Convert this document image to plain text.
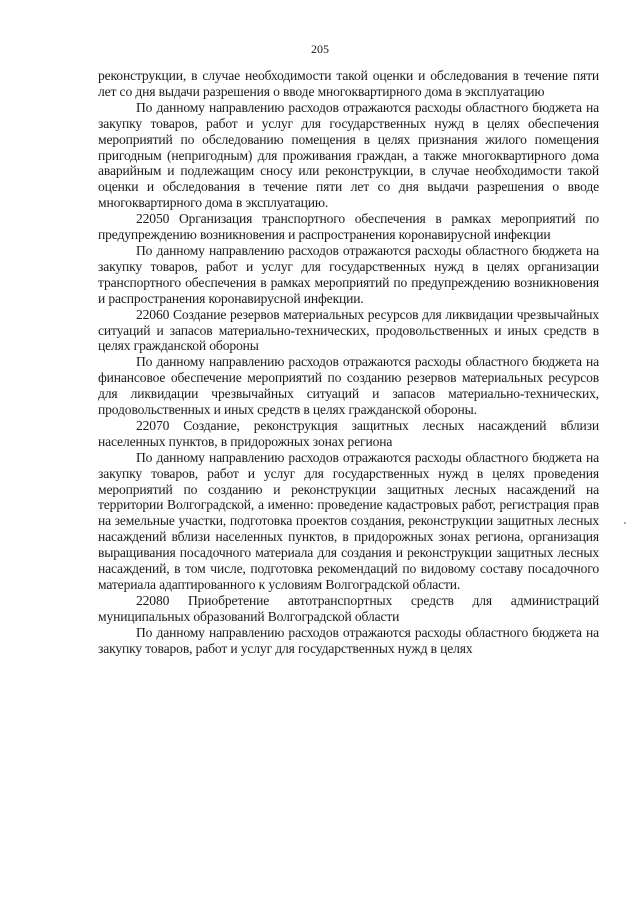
205

реконструкции, в случае необходимости такой оценки и обследования в течение пяти лет со дня выдачи разрешения о вводе многоквартирного дома в эксплуатацию

По данному направлению расходов отражаются расходы областного бюджета на закупку товаров, работ и услуг для государственных нужд в целях обеспечения мероприятий по обследованию помещения в целях признания жилого помещения пригодным (непригодным) для проживания граждан, а также многоквартирного дома аварийным и подлежащим сносу или реконструкции, в случае необходимости такой оценки и обследования в течение пяти лет со дня выдачи разрешения о вводе многоквартирного дома в эксплуатацию.

22050 Организация транспортного обеспечения в рамках мероприятий по предупреждению возникновения и распространения коронавирусной инфекции

По данному направлению расходов отражаются расходы областного бюджета на закупку товаров, работ и услуг для государственных нужд в целях организации транспортного обеспечения в рамках мероприятий по предупреждению возникновения и распространения коронавирусной инфекции.

22060 Создание резервов материальных ресурсов для ликвидации чрезвычайных ситуаций и запасов материально-технических, продовольственных и иных средств в целях гражданской обороны

По данному направлению расходов отражаются расходы областного бюджета на финансовое обеспечение мероприятий по созданию резервов материальных ресурсов для ликвидации чрезвычайных ситуаций и запасов материально-технических, продовольственных и иных средств в целях гражданской обороны.

22070 Создание, реконструкция защитных лесных насаждений вблизи населенных пунктов, в придорожных зонах региона

По данному направлению расходов отражаются расходы областного бюджета на закупку товаров, работ и услуг для государственных нужд в целях проведения мероприятий по созданию и реконструкции защитных лесных насаждений на территории Волгоградской, а именно: проведение кадастровых работ, регистрация прав на земельные участки, подготовка проектов создания, реконструкции защитных лесных насаждений вблизи населенных пунктов, в придорожных зонах региона, организация выращивания посадочного материала для создания и реконструкции защитных лесных насаждений, в том числе, подготовка рекомендаций по видовому составу посадочного материала адаптированного к условиям Волгоградской области.

22080 Приобретение автотранспортных средств для администраций муниципальных образований Волгоградской области

По данному направлению расходов отражаются расходы областного бюджета на закупку товаров, работ и услуг для государственных нужд в целях
